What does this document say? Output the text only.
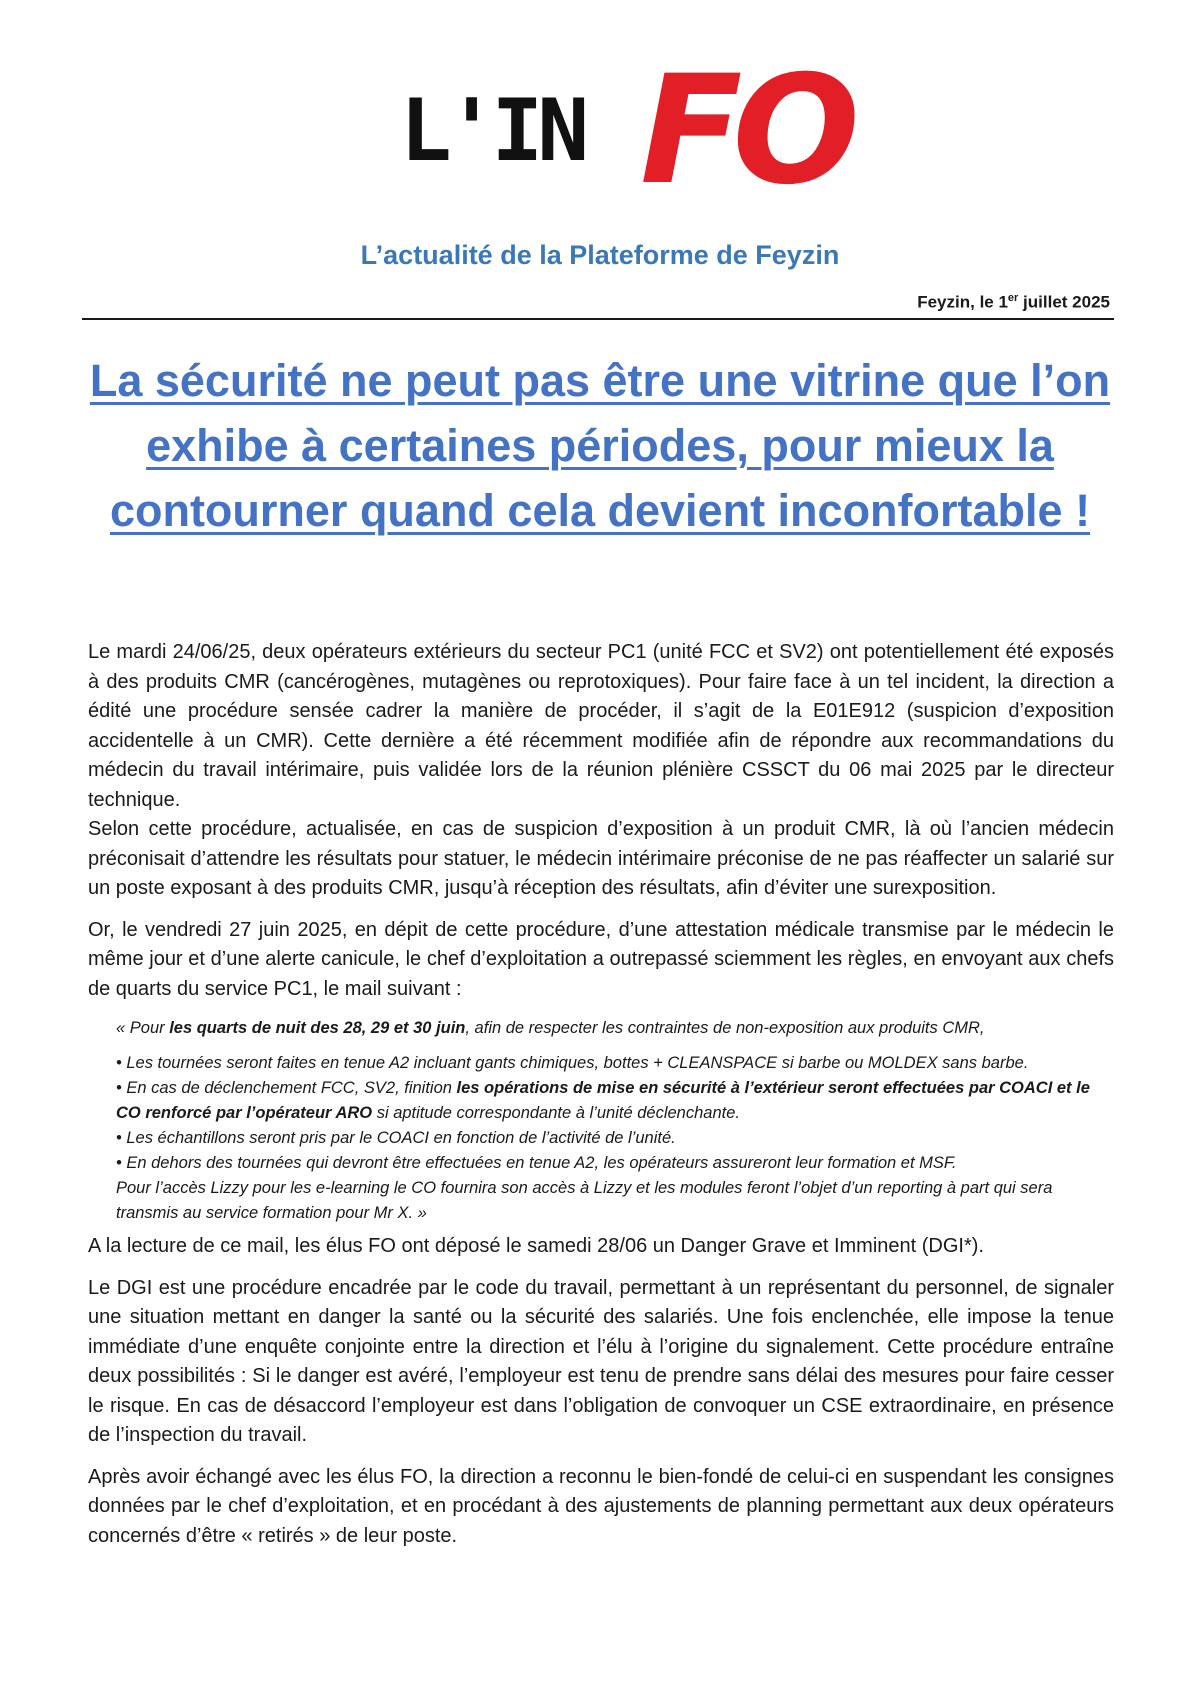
L'IN FO
L’actualité de la Plateforme de Feyzin
Feyzin, le 1er juillet 2025
La sécurité ne peut pas être une vitrine que l’on exhibe à certaines périodes, pour mieux la contourner quand cela devient inconfortable !

Le mardi 24/06/25, deux opérateurs extérieurs du secteur PC1 (unité FCC et SV2) ont potentiellement été exposés à des produits CMR (cancérogènes, mutagènes ou reprotoxiques). Pour faire face à un tel incident, la direction a édité une procédure sensée cadrer la manière de procéder, il s’agit de la E01E912 (suspicion d’exposition accidentelle à un CMR). Cette dernière a été récemment modifiée afin de répondre aux recommandations du médecin du travail intérimaire, puis validée lors de la réunion plénière CSSCT du 06 mai 2025 par le directeur technique.

Selon cette procédure, actualisée, en cas de suspicion d’exposition à un produit CMR, là où l’ancien médecin préconisait d’attendre les résultats pour statuer, le médecin intérimaire préconise de ne pas réaffecter un salarié sur un poste exposant à des produits CMR, jusqu’à réception des résultats, afin d’éviter une surexposition.

Or, le vendredi 27 juin 2025, en dépit de cette procédure, d’une attestation médicale transmise par le médecin le même jour et d’une alerte canicule, le chef d’exploitation a outrepassé sciemment les règles, en envoyant aux chefs de quarts du service PC1, le mail suivant :

« Pour les quarts de nuit des 28, 29 et 30 juin, afin de respecter les contraintes de non-exposition aux produits CMR,
• Les tournées seront faites en tenue A2 incluant gants chimiques, bottes + CLEANSPACE si barbe ou MOLDEX sans barbe.
• En cas de déclenchement FCC, SV2, finition les opérations de mise en sécurité à l’extérieur seront effectuées par COACI et le CO renforcé par l’opérateur ARO si aptitude correspondante à l’unité déclenchante.
• Les échantillons seront pris par le COACI en fonction de l’activité de l’unité.
• En dehors des tournées qui devront être effectuées en tenue A2, les opérateurs assureront leur formation et MSF.
Pour l’accès Lizzy pour les e-learning le CO fournira son accès à Lizzy et les modules feront l’objet d’un reporting à part qui sera transmis au service formation pour Mr X. »

A la lecture de ce mail, les élus FO ont déposé le samedi 28/06 un Danger Grave et Imminent (DGI*).

Le DGI est une procédure encadrée par le code du travail, permettant à un représentant du personnel, de signaler une situation mettant en danger la santé ou la sécurité des salariés. Une fois enclenchée, elle impose la tenue immédiate d’une enquête conjointe entre la direction et l’élu à l’origine du signalement. Cette procédure entraîne deux possibilités : Si le danger est avéré, l’employeur est tenu de prendre sans délai des mesures pour faire cesser le risque. En cas de désaccord l’employeur est dans l’obligation de convoquer un CSE extraordinaire, en présence de l’inspection du travail.

Après avoir échangé avec les élus FO, la direction a reconnu le bien-fondé de celui-ci en suspendant les consignes données par le chef d’exploitation, et en procédant à des ajustements de planning permettant aux deux opérateurs concernés d’être « retirés » de leur poste.
